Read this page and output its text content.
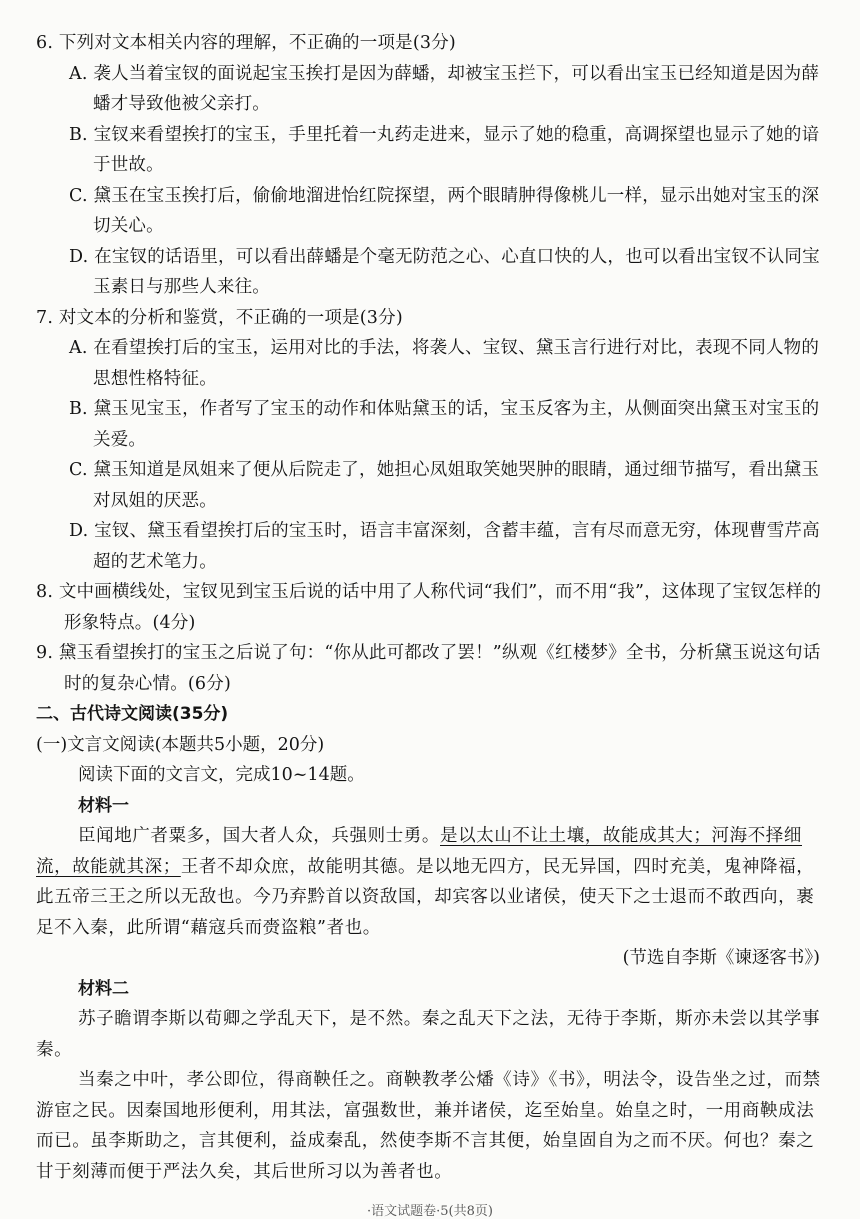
6. 下列对文本相关内容的理解，不正确的一项是(3分)
A. 袭人当着宝钗的面说起宝玉挨打是因为薛蟠，却被宝玉拦下，可以看出宝玉已经知道是因为薛蟠才导致他被父亲打。
B. 宝钗来看望挨打的宝玉，手里托着一丸药走进来，显示了她的稳重，高调探望也显示了她的谙于世故。
C. 黛玉在宝玉挨打后，偷偷地溜进怡红院探望，两个眼睛肿得像桃儿一样，显示出她对宝玉的深切关心。
D. 在宝钗的话语里，可以看出薛蟠是个毫无防范之心、心直口快的人，也可以看出宝钗不认同宝玉素日与那些人来往。
7. 对文本的分析和鉴赏，不正确的一项是(3分)
A. 在看望挨打后的宝玉，运用对比的手法，将袭人、宝钗、黛玉言行进行对比，表现不同人物的思想性格特征。
B. 黛玉见宝玉，作者写了宝玉的动作和体贴黛玉的话，宝玉反客为主，从侧面突出黛玉对宝玉的关爱。
C. 黛玉知道是凤姐来了便从后院走了，她担心凤姐取笑她哭肿的眼睛，通过细节描写，看出黛玉对凤姐的厌恶。
D. 宝钗、黛玉看望挨打后的宝玉时，语言丰富深刻，含蓄丰蕴，言有尽而意无穷，体现曹雪芹高超的艺术笔力。
8. 文中画横线处，宝钗见到宝玉后说的话中用了人称代词“我们”，而不用“我”，这体现了宝钗怎样的形象特点。(4分)
9. 黛玉看望挨打的宝玉之后说了句：“你从此可都改了罢！”纵观《红楼梦》全书，分析黛玉说这句话时的复杂心情。(6分)
二、古代诗文阅读(35分)
(一)文言文阅读(本题共5小题，20分)
阅读下面的文言文，完成10~14题。
材料一
臣闻地广者粟多，国大者人众，兵强则士勇。是以太山不让土壤，故能成其大；河海不择细流，故能就其深；王者不却众庶，故能明其德。是以地无四方，民无异国，四时充美，鬼神降福，此五帝三王之所以无敌也。今乃弃黔首以资敌国，却宾客以业诸侯，使天下之士退而不敢西向，裹足不入秦，此所谓“藉寇兵而赍盗粮”者也。
(节选自李斯《谏逐客书》)
材料二
苏子瞻谓李斯以荀卿之学乱天下，是不然。秦之乱天下之法，无待于李斯，斯亦未尝以其学事秦。
当秦之中叶，孝公即位，得商鞅任之。商鞅教孝公燔《诗》《书》，明法令，设告坐之过，而禁游宦之民。因秦国地形便利，用其法，富强数世，兼并诸侯，迄至始皇。始皇之时，一用商鞅成法而已。虽李斯助之，言其便利，益成秦乱，然使李斯不言其便，始皇固自为之而不厌。何也？秦之甘于刻薄而便于严法久矣，其后世所习以为善者也。
·语文试题卷·5(共8页)
